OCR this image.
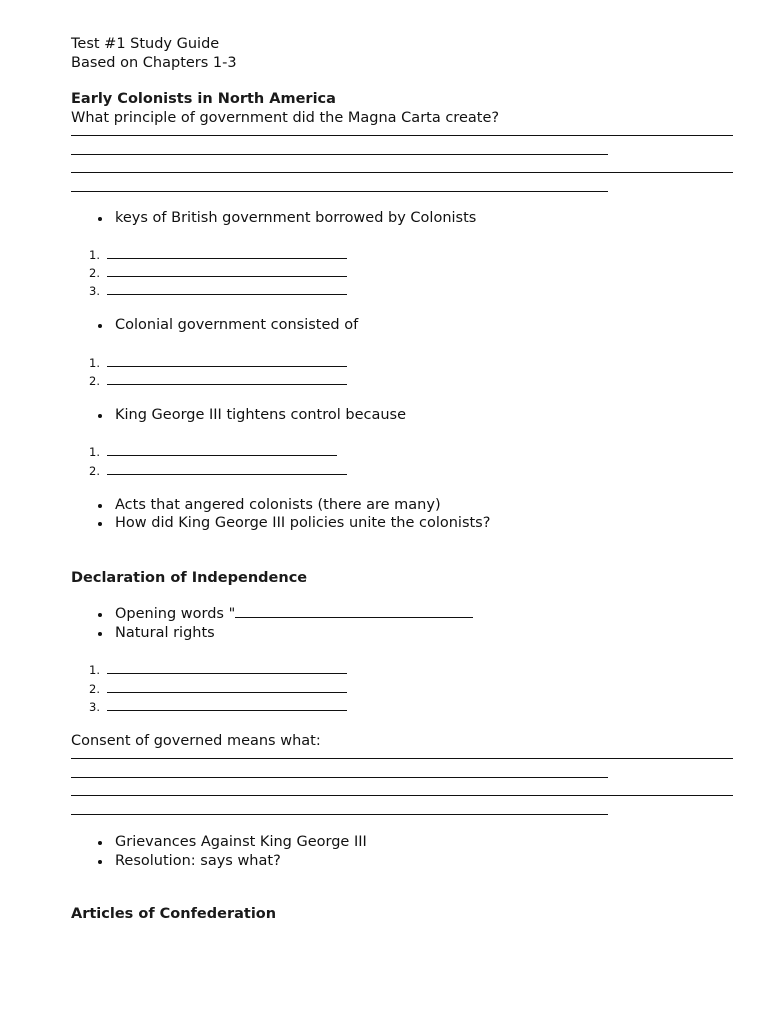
Test #1 Study Guide
Based on Chapters 1-3
Early Colonists in North America
What principle of government did the Magna Carta create?
keys of British government borrowed by Colonists
1.
2.
3.
Colonial government consisted of
1.
2.
King George III tightens control because
1.
2.
Acts that angered colonists (there are many)
How did King George III policies unite the colonists?
Declaration of Independence
Opening words "
Natural rights
1.
2.
3.
Consent of governed means what:
Grievances Against King George III
Resolution: says what?
Articles of Confederation
